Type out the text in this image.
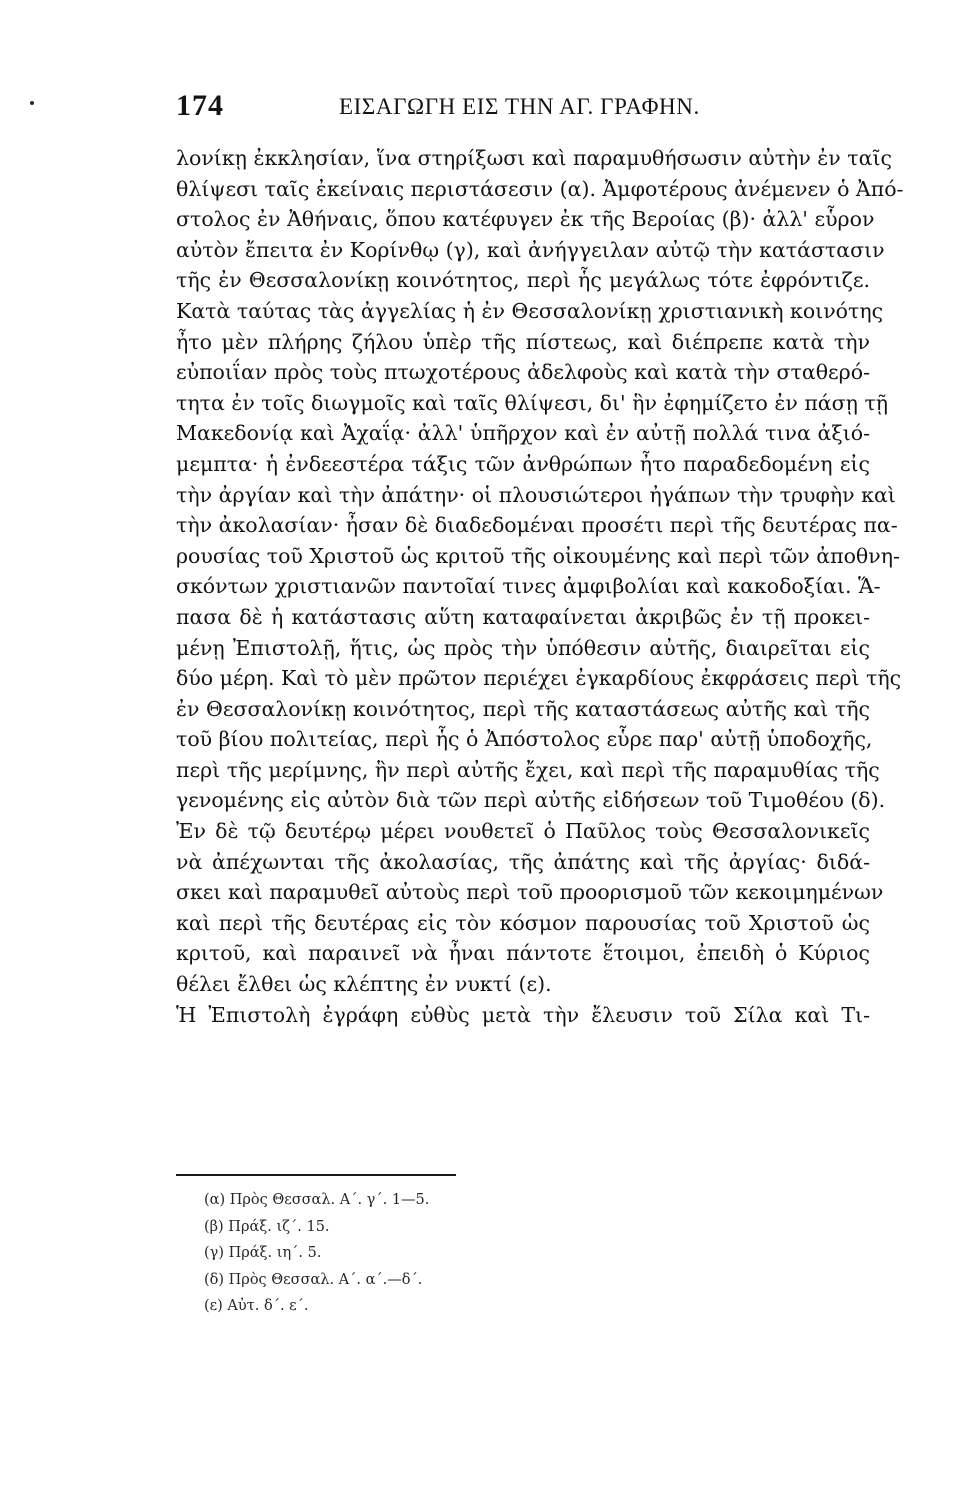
174	ΕΙΣΑΓΩΓΗ ΕΙΣ ΤΗΝ ΑΓ. ΓΡΑΦΗΝ.
λονίκῃ ἐκκλησίαν, ἵνα στηρίξωσι καὶ παραμυθήσωσιν αὐτὴν ἐν ταῖς
θλίψεσι ταῖς ἐκείναις περιστάσεσιν (α). Ἀμφοτέρους ἀνέμενεν ὁ Ἀπό-
στολος ἐν Ἀθήναις, ὅπου κατέφυγεν ἐκ τῆς Βεροίας (β)· ἀλλ' εὗρον
αὐτὸν ἔπειτα ἐν Κορίνθῳ (γ), καὶ ἀνήγγειλαν αὐτῷ τὴν κατάστασιν
τῆς ἐν Θεσσαλονίκῃ κοινότητος, περὶ ἧς μεγάλως τότε ἐφρόντιζε.
Κατὰ ταύτας τὰς ἀγγελίας ἡ ἐν Θεσσαλονίκῃ χριστιανικὴ κοινότης
ἦτο μὲν πλήρης ζήλου ὑπὲρ τῆς πίστεως, καὶ διέπρεπε κατὰ τὴν
εὐποιΐαν πρὸς τοὺς πτωχοτέρους ἀδελφοὺς καὶ κατὰ τὴν σταθερό-
τητα ἐν τοῖς διωγμοῖς καὶ ταῖς θλίψεσι, δι' ἣν ἐφημίζετο ἐν πάσῃ τῇ
Μακεδονίᾳ καὶ Ἀχαΐᾳ· ἀλλ' ὑπῆρχον καὶ ἐν αὐτῇ πολλά τινα ἀξιό-
μεμπτα· ἡ ἐνδεεστέρα τάξις τῶν ἀνθρώπων ἦτο παραδεδομένη εἰς
τὴν ἀργίαν καὶ τὴν ἀπάτην· οἱ πλουσιώτεροι ἠγάπων τὴν τρυφὴν καὶ
τὴν ἀκολασίαν· ἦσαν δὲ διαδεδομέναι προσέτι περὶ τῆς δευτέρας πα-
ρουσίας τοῦ Χριστοῦ ὡς κριτοῦ τῆς οἰκουμένης καὶ περὶ τῶν ἀποθνη-
σκόντων χριστιανῶν παντοῖαί τινες ἀμφιβολίαι καὶ κακοδοξίαι. Ἅ-
πασα δὲ ἡ κατάστασις αὕτη καταφαίνεται ἀκριβῶς ἐν τῇ προκει-
μένῃ Ἐπιστολῇ, ἥτις, ὡς πρὸς τὴν ὑπόθεσιν αὐτῆς, διαιρεῖται εἰς
δύο μέρη. Καὶ τὸ μὲν πρῶτον περιέχει ἐγκαρδίους ἐκφράσεις περὶ τῆς
ἐν Θεσσαλονίκῃ κοινότητος, περὶ τῆς καταστάσεως αὐτῆς καὶ τῆς
τοῦ βίου πολιτείας, περὶ ἧς ὁ Ἀπόστολος εὗρε παρ' αὐτῇ ὑποδοχῆς,
περὶ τῆς μερίμνης, ἣν περὶ αὐτῆς ἔχει, καὶ περὶ τῆς παραμυθίας τῆς
γενομένης εἰς αὐτὸν διὰ τῶν περὶ αὐτῆς εἰδήσεων τοῦ Τιμοθέου (δ).
Ἐν δὲ τῷ δευτέρῳ μέρει νουθετεῖ ὁ Παῦλος τοὺς Θεσσαλονικεῖς
νὰ ἀπέχωνται τῆς ἀκολασίας, τῆς ἀπάτης καὶ τῆς ἀργίας· διδά-
σκει καὶ παραμυθεῖ αὐτοὺς περὶ τοῦ προορισμοῦ τῶν κεκοιμημένων
καὶ περὶ τῆς δευτέρας εἰς τὸν κόσμον παρουσίας τοῦ Χριστοῦ ὡς
κριτοῦ, καὶ παραινεῖ νὰ ἦναι πάντοτε ἕτοιμοι, ἐπειδὴ ὁ Κύριος
θέλει ἔλθει ὡς κλέπτης ἐν νυκτί (ε).
Ἡ Ἐπιστολὴ ἐγράφη εὐθὺς μετὰ τὴν ἔλευσιν τοῦ Σίλα καὶ Τι-
(α) Πρὸς Θεσσαλ. Α΄. γ΄. 1—5.
(β) Πράξ. ιζ΄. 15.
(γ) Πράξ. ιη΄. 5.
(δ) Πρὸς Θεσσαλ. Α΄. α΄.—δ΄.
(ε) Αὐτ. δ΄. ε΄.
